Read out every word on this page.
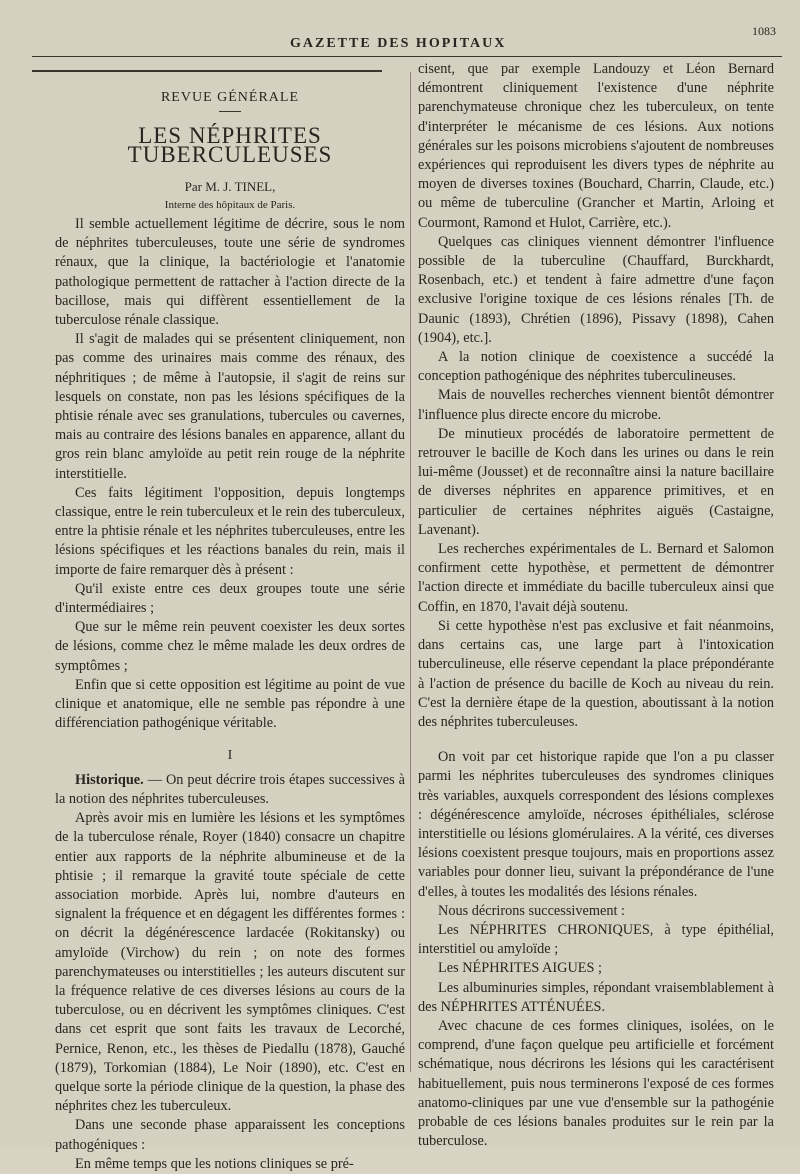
GAZETTE DES HOPITAUX
1083
REVUE GÉNÉRALE
LES NÉPHRITES TUBERCULEUSES

Par M. J. TINEL,

Interne des hôpitaux de Paris.

Il semble actuellement légitime de décrire, sous le nom de néphrites tuberculeuses, toute une série de syndromes rénaux, que la clinique, la bactériologie et l'anatomie pathologique permettent de rattacher à l'action directe de la bacillose, mais qui diffèrent essentiellement de la tuberculose rénale classique.

Il s'agit de malades qui se présentent cliniquement, non pas comme des urinaires mais comme des rénaux, des néphritiques ; de même à l'autopsie, il s'agit de reins sur lesquels on constate, non pas les lésions spécifiques de la phtisie rénale avec ses granulations, tubercules ou cavernes, mais au contraire des lésions banales en apparence, allant du gros rein blanc amyloïde au petit rein rouge de la néphrite interstitielle.

Ces faits légitiment l'opposition, depuis longtemps classique, entre le rein tuberculeux et le rein des tuberculeux, entre la phtisie rénale et les néphrites tuberculeuses, entre les lésions spécifiques et les réactions banales du rein, mais il importe de faire remarquer dès à présent :

Qu'il existe entre ces deux groupes toute une série d'intermédiaires ;

Que sur le même rein peuvent coexister les deux sortes de lésions, comme chez le même malade les deux ordres de symptômes ;

Enfin que si cette opposition est légitime au point de vue clinique et anatomique, elle ne semble pas répondre à une différenciation pathogénique véritable.

I

Historique. — On peut décrire trois étapes successives à la notion des néphrites tuberculeuses.

Après avoir mis en lumière les lésions et les symptômes de la tuberculose rénale, Royer (1840) consacre un chapitre entier aux rapports de la néphrite albumineuse et de la phtisie ; il remarque la gravité toute spéciale de cette association morbide. Après lui, nombre d'auteurs en signalent la fréquence et en dégagent les différentes formes : on décrit la dégénérescence lardacée (Rokitansky) ou amyloïde (Virchow) du rein ; on note des formes parenchymateuses ou interstitielles ; les auteurs discutent sur la fréquence relative de ces diverses lésions au cours de la tuberculose, ou en décrivent les symptômes cliniques. C'est dans cet esprit que sont faits les travaux de Lecorché, Pernice, Renon, etc., les thèses de Piedallu (1878), Gauché (1879), Torkomian (1884), Le Noir (1890), etc. C'est en quelque sorte la période clinique de la question, la phase des néphrites chez les tuberculeux.

Dans une seconde phase apparaissent les conceptions pathogéniques :

En même temps que les notions cliniques se pré-

cisent, que par exemple Landouzy et Léon Bernard démontrent cliniquement l'existence d'une néphrite parenchymateuse chronique chez les tuberculeux, on tente d'interpréter le mécanisme de ces lésions. Aux notions générales sur les poisons microbiens s'ajoutent de nombreuses expériences qui reproduisent les divers types de néphrite au moyen de diverses toxines (Bouchard, Charrin, Claude, etc.) ou même de tuberculine (Grancher et Martin, Arloing et Courmont, Ramond et Hulot, Carrière, etc.).

Quelques cas cliniques viennent démontrer l'influence possible de la tuberculine (Chauffard, Burckhardt, Rosenbach, etc.) et tendent à faire admettre d'une façon exclusive l'origine toxique de ces lésions rénales [Th. de Daunic (1893), Chrétien (1896), Pissavy (1898), Cahen (1904), etc.].

A la notion clinique de coexistence a succédé la conception pathogénique des néphrites tuberculineuses.

Mais de nouvelles recherches viennent bientôt démontrer l'influence plus directe encore du microbe.

De minutieux procédés de laboratoire permettent de retrouver le bacille de Koch dans les urines ou dans le rein lui-même (Jousset) et de reconnaître ainsi la nature bacillaire de diverses néphrites en apparence primitives, et en particulier de certaines néphrites aiguës (Castaigne, Lavenant).

Les recherches expérimentales de L. Bernard et Salomon confirment cette hypothèse, et permettent de démontrer l'action directe et immédiate du bacille tuberculeux ainsi que Coffin, en 1870, l'avait déjà soutenu.

Si cette hypothèse n'est pas exclusive et fait néanmoins, dans certains cas, une large part à l'intoxication tuberculineuse, elle réserve cependant la place prépondérante à l'action de présence du bacille de Koch au niveau du rein. C'est la dernière étape de la question, aboutissant à la notion des néphrites tuberculeuses.

On voit par cet historique rapide que l'on a pu classer parmi les néphrites tuberculeuses des syndromes cliniques très variables, auxquels correspondent des lésions complexes : dégénérescence amyloïde, nécroses épithéliales, sclérose interstitielle ou lésions glomérulaires. A la vérité, ces diverses lésions coexistent presque toujours, mais en proportions assez variables pour donner lieu, suivant la prépondérance de l'une d'elles, à toutes les modalités des lésions rénales.

Nous décrirons successivement :

Les NÉPHRITES CHRONIQUES, à type épithélial, interstitiel ou amyloïde ;

Les NÉPHRITES AIGUES ;

Les albuminuries simples, répondant vraisemblablement à des NÉPHRITES ATTÉNUÉES.

Avec chacune de ces formes cliniques, isolées, on le comprend, d'une façon quelque peu artificielle et forcément schématique, nous décrirons les lésions qui les caractérisent habituellement, puis nous terminerons l'exposé de ces formes anatomo-cliniques par une vue d'ensemble sur la pathogénie probable de ces lésions banales produites sur le rein par la tuberculose.
